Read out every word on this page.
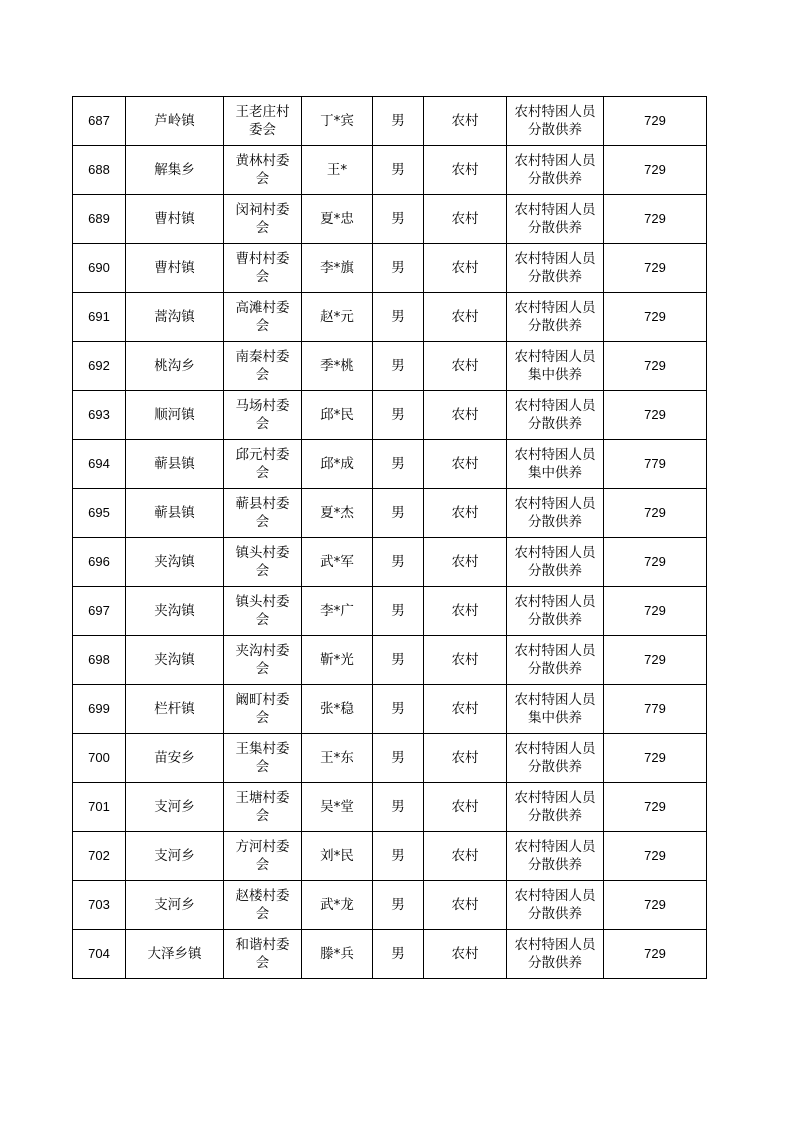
687	芦岭镇	王老庄村委会	丁*宾	男	农村	农村特困人员分散供养	729
688	解集乡	黄林村委会	王*	男	农村	农村特困人员分散供养	729
689	曹村镇	闵祠村委会	夏*忠	男	农村	农村特困人员分散供养	729
690	曹村镇	曹村村委会	李*旗	男	农村	农村特困人员分散供养	729
691	蒿沟镇	高滩村委会	赵*元	男	农村	农村特困人员分散供养	729
692	桃沟乡	南秦村委会	季*桃	男	农村	农村特困人员集中供养	729
693	顺河镇	马场村委会	邱*民	男	农村	农村特困人员分散供养	729
694	蕲县镇	邱元村委会	邱*成	男	农村	农村特困人员集中供养	779
695	蕲县镇	蕲县村委会	夏*杰	男	农村	农村特困人员分散供养	729
696	夹沟镇	镇头村委会	武*军	男	农村	农村特困人员分散供养	729
697	夹沟镇	镇头村委会	李*广	男	农村	农村特困人员分散供养	729
698	夹沟镇	夹沟村委会	靳*光	男	农村	农村特困人员分散供养	729
699	栏杆镇	阚町村委会	张*稳	男	农村	农村特困人员集中供养	779
700	苗安乡	王集村委会	王*东	男	农村	农村特困人员分散供养	729
701	支河乡	王塘村委会	吴*堂	男	农村	农村特困人员分散供养	729
702	支河乡	方河村委会	刘*民	男	农村	农村特困人员分散供养	729
703	支河乡	赵楼村委会	武*龙	男	农村	农村特困人员分散供养	729
704	大泽乡镇	和谐村委会	滕*兵	男	农村	农村特困人员分散供养	729
